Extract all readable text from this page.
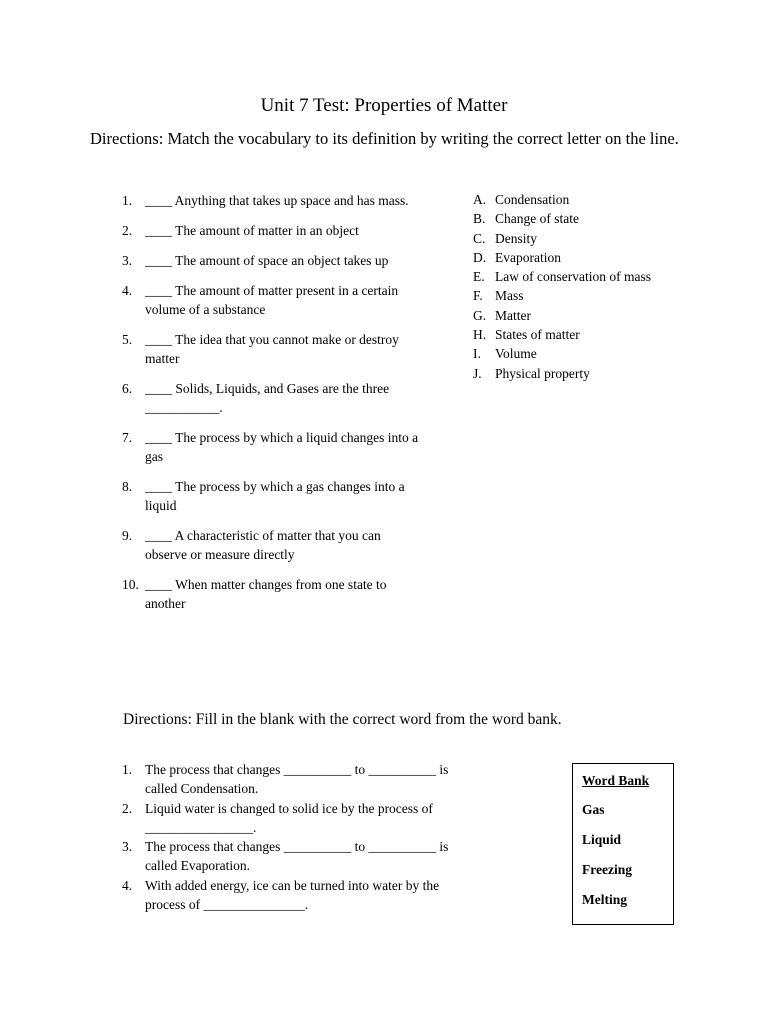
Unit 7 Test: Properties of Matter
Directions: Match the vocabulary to its definition by writing the correct letter on the line.
1. ____ Anything that takes up space and has mass.
2. ____ The amount of matter in an object
3. ____ The amount of space an object takes up
4. ____ The amount of matter present in a certain volume of a substance
5. ____ The idea that you cannot make or destroy matter
6. ____ Solids, Liquids, and Gases are the three ___________.
7. ____ The process by which a liquid changes into a gas
8. ____ The process by which a gas changes into a liquid
9. ____ A characteristic of matter that you can observe or measure directly
10. ____ When matter changes from one state to another
A. Condensation
B. Change of state
C. Density
D. Evaporation
E. Law of conservation of mass
F. Mass
G. Matter
H. States of matter
I. Volume
J. Physical property
Directions: Fill in the blank with the correct word from the word bank.
1. The process that changes __________ to __________ is called Condensation.
2. Liquid water is changed to solid ice by the process of ________________.
3. The process that changes __________ to __________ is called Evaporation.
4. With added energy, ice can be turned into water by the process of _______________.
Word Bank
Gas
Liquid
Freezing
Melting
